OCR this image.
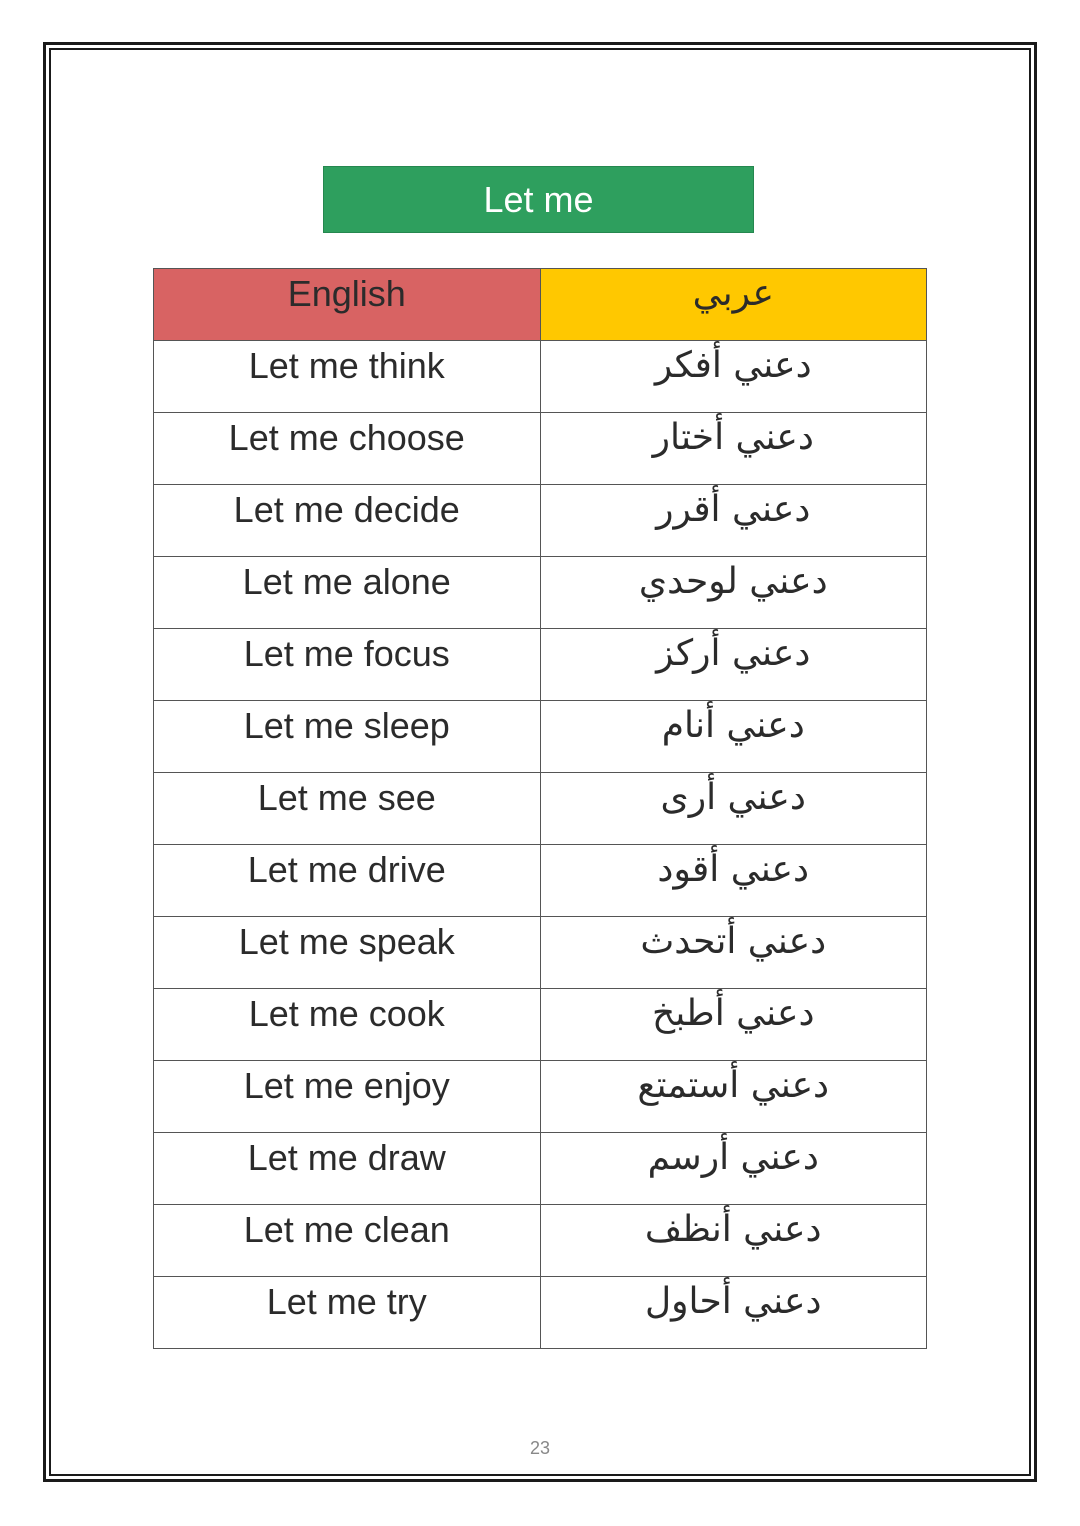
Let me
English	عربي
Let me think	دعني أفكر
Let me choose	دعني أختار
Let me decide	دعني أقرر
Let me alone	دعني لوحدي
Let me focus	دعني أركز
Let me sleep	دعني أنام
Let me see	دعني أرى
Let me drive	دعني أقود
Let me speak	دعني أتحدث
Let me cook	دعني أطبخ
Let me enjoy	دعني أستمتع
Let me draw	دعني أرسم
Let me clean	دعني أنظف
Let me try	دعني أحاول
23
